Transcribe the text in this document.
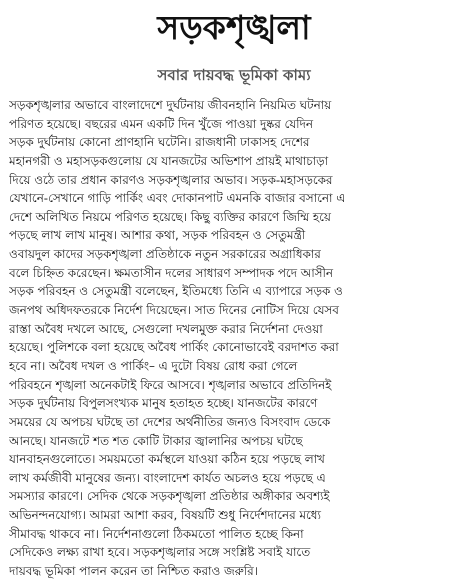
সড়কশৃঙ্খলা
সবার দায়বদ্ধ ভূমিকা কাম্য
সড়কশৃঙ্খলার অভাবে বাংলাদেশে দুর্ঘটনায় জীবনহানি নিয়মিত ঘটনায়
পরিণত হয়েছে। বছরের এমন একটি দিন খুঁজে পাওয়া দুষ্কর যেদিন
সড়ক দুর্ঘটনায় কোনো প্রাণহানি ঘটেনি। রাজধানী ঢাকাসহ দেশের
মহানগরী ও মহাসড়কগুলোয় যে যানজটের অভিশাপ প্রায়ই মাথাচাড়া
দিয়ে ওঠে তার প্রধান কারণও সড়কশৃঙ্খলার অভাব। সড়ক-মহাসড়কের
যেখানে-সেখানে গাড়ি পার্কিং এবং দোকানপাট এমনকি বাজার বসানো এ
দেশে অলিখিত নিয়মে পরিণত হয়েছে। কিছু ব্যক্তির কারণে জিম্মি হয়ে
পড়ছে লাখ লাখ মানুষ। আশার কথা, সড়ক পরিবহন ও সেতুমন্ত্রী
ওবায়দুল কাদের সড়কশৃঙ্খলা প্রতিষ্ঠাকে নতুন সরকারের অগ্রাধিকার
বলে চিহ্নিত করেছেন। ক্ষমতাসীন দলের সাধারণ সম্পাদক পদে আসীন
সড়ক পরিবহন ও সেতুমন্ত্রী বলেছেন, ইতিমধ্যে তিনি এ ব্যাপারে সড়ক ও
জনপথ অধিদফতরকে নির্দেশ দিয়েছেন। সাত দিনের নোটিস দিয়ে যেসব
রাস্তা অবৈধ দখলে আছে, সেগুলো দখলমুক্ত করার নির্দেশনা দেওয়া
হয়েছে। পুলিশকে বলা হয়েছে অবৈধ পার্কিং কোনোভাবেই বরদাশত করা
হবে না। অবৈধ দখল ও পার্কিং– এ দুটো বিষয় রোধ করা গেলে
পরিবহনে শৃঙ্খলা অনেকটাই ফিরে আসবে। শৃঙ্খলার অভাবে প্রতিদিনই
সড়ক দুর্ঘটনায় বিপুলসংখ্যক মানুষ হতাহত হচ্ছে। যানজটের কারণে
সময়ের যে অপচয় ঘটছে তা দেশের অর্থনীতির জন্যও বিসংবাদ ডেকে
আনছে। যানজটে শত শত কোটি টাকার জ্বালানির অপচয় ঘটছে
যানবাহনগুলোতে। সময়মতো কর্মস্থলে যাওয়া কঠিন হয়ে পড়ছে লাখ
লাখ কর্মজীবী মানুষের জন্য। বাংলাদেশ কার্যত অচলও হয়ে পড়ছে এ
সমস্যার কারণে। সেদিক থেকে সড়কশৃঙ্খলা প্রতিষ্ঠার অঙ্গীকার অবশ্যই
অভিনন্দনযোগ্য। আমরা আশা করব, বিষয়টি শুধু নির্দেশদানের মধ্যে
সীমাবদ্ধ থাকবে না। নির্দেশনাগুলো ঠিকমতো পালিত হচ্ছে কিনা
সেদিকেও লক্ষ্য রাখা হবে। সড়কশৃঙ্খলার সঙ্গে সংশ্লিষ্ট সবাই যাতে
দায়বদ্ধ ভূমিকা পালন করেন তা নিশ্চিত করাও জরুরি।
